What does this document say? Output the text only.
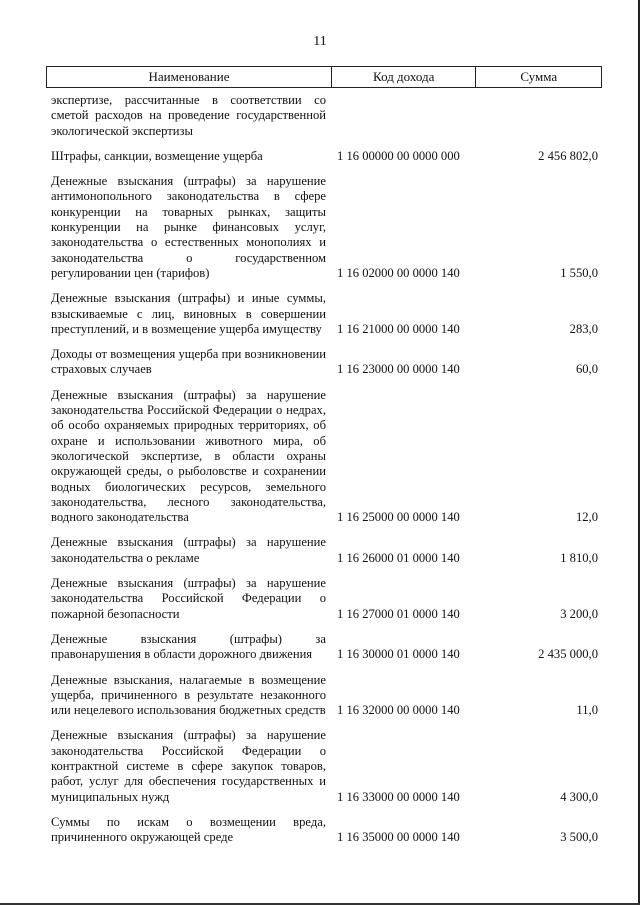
11
Наименование	Код дохода	Сумма
экспертизе, рассчитанные в соответствии со сметой расходов на проведение государственной экологической экспертизы
Штрафы, санкции, возмещение ущерба	1 16 00000 00 0000 000	2 456 802,0
Денежные взыскания (штрафы) за нарушение антимонопольного законодательства в сфере конкуренции на товарных рынках, защиты конкуренции на рынке финансовых услуг, законодательства о естественных монополиях и законодательства о государственном регулировании цен (тарифов)	1 16 02000 00 0000 140	1 550,0
Денежные взыскания (штрафы) и иные суммы, взыскиваемые с лиц, виновных в совершении преступлений, и в возмещение ущерба имуществу	1 16 21000 00 0000 140	283,0
Доходы от возмещения ущерба при возникновении страховых случаев	1 16 23000 00 0000 140	60,0
Денежные взыскания (штрафы) за нарушение законодательства Российской Федерации о недрах, об особо охраняемых природных территориях, об охране и использовании животного мира, об экологической экспертизе, в области охраны окружающей среды, о рыболовстве и сохранении водных биологических ресурсов, земельного законодательства, лесного законодательства, водного законодательства	1 16 25000 00 0000 140	12,0
Денежные взыскания (штрафы) за нарушение законодательства о рекламе	1 16 26000 01 0000 140	1 810,0
Денежные взыскания (штрафы) за нарушение законодательства Российской Федерации о пожарной безопасности	1 16 27000 01 0000 140	3 200,0
Денежные взыскания (штрафы) за правонарушения в области дорожного движения	1 16 30000 01 0000 140	2 435 000,0
Денежные взыскания, налагаемые в возмещение ущерба, причиненного в результате незаконного или нецелевого использования бюджетных средств 1 16 32000 00 0000 140	11,0
Денежные взыскания (штрафы) за нарушение законодательства Российской Федерации о контрактной системе в сфере закупок товаров, работ, услуг для обеспечения государственных и муниципальных нужд	1 16 33000 00 0000 140	4 300,0
Суммы по искам о возмещении вреда, причиненного окружающей среде	1 16 35000 00 0000 140	3 500,0
